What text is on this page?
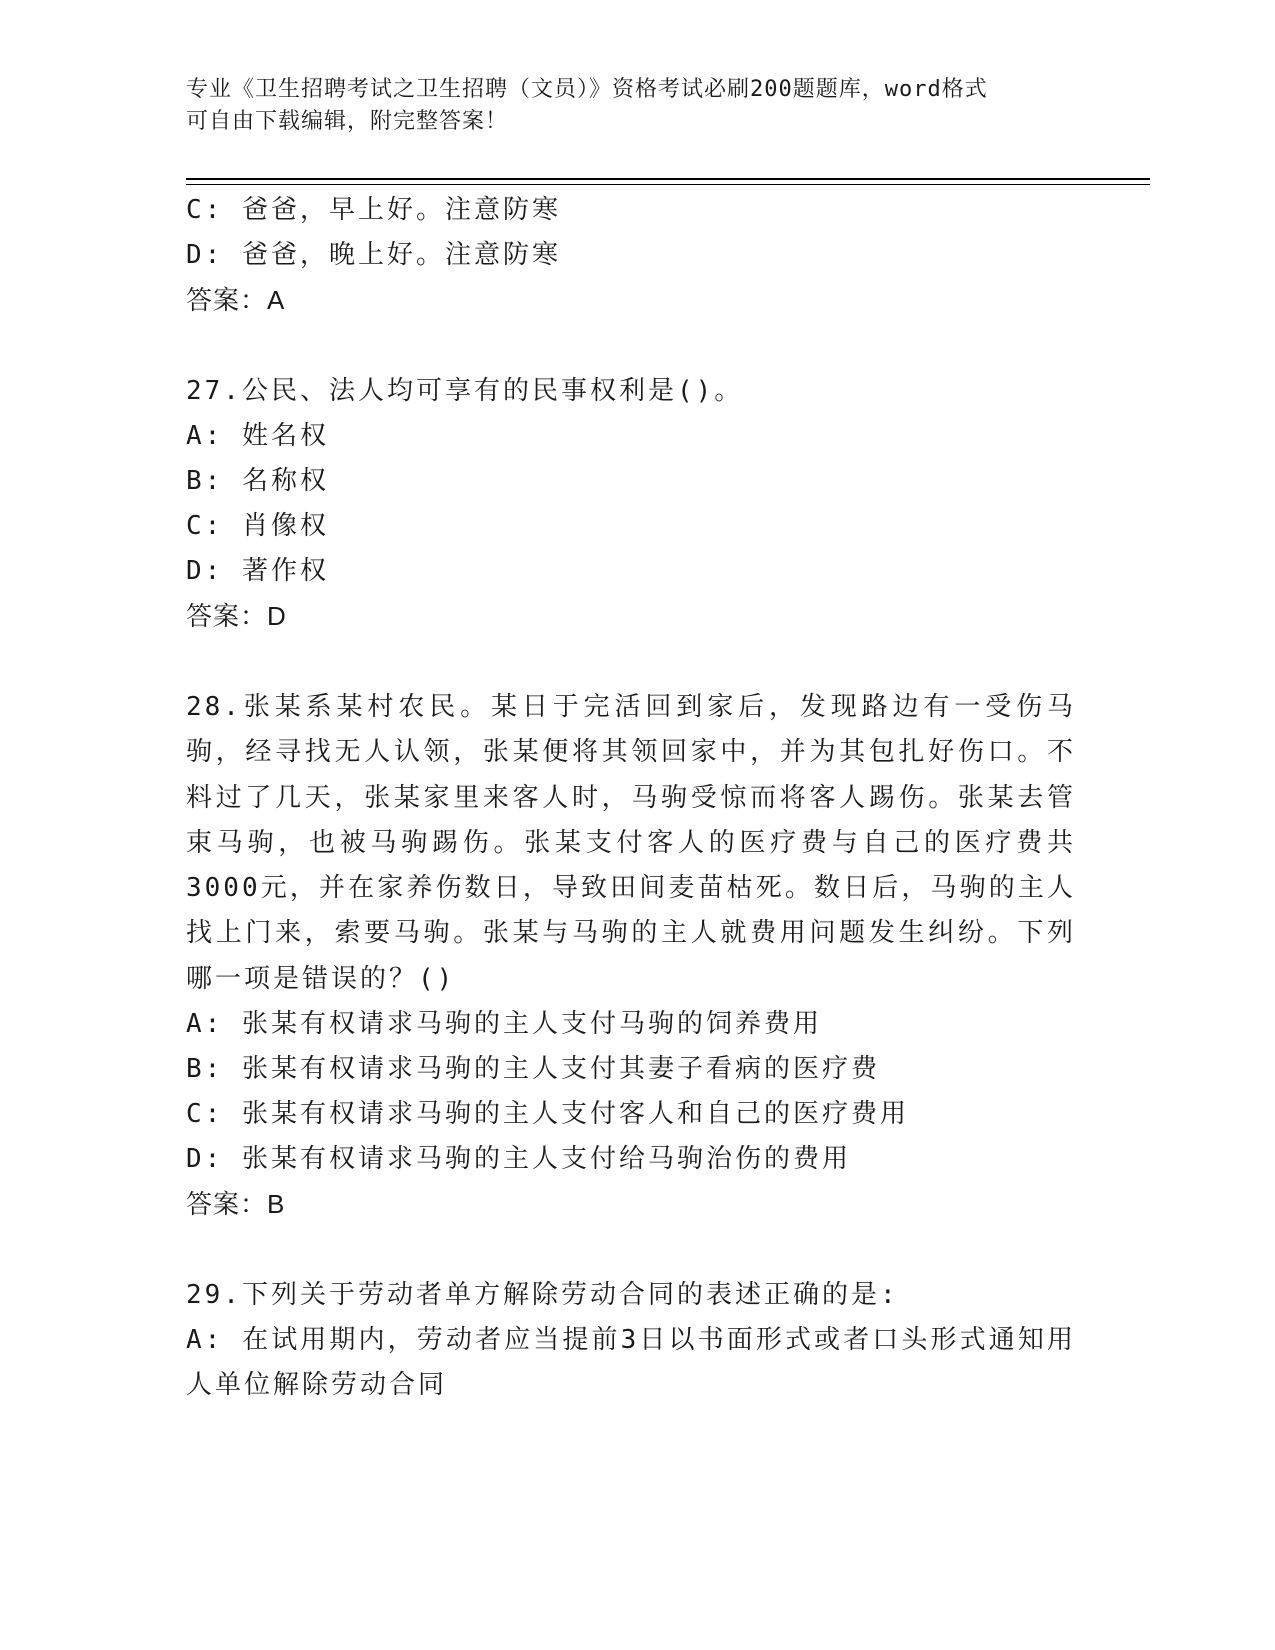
专业《卫生招聘考试之卫生招聘（文员）》资格考试必刷200题题库，word格式
可自由下载编辑，附完整答案！
C: 爸爸，早上好。注意防寒
D: 爸爸，晚上好。注意防寒
答案：A
27.公民、法人均可享有的民事权利是()。
A: 姓名权
B: 名称权
C: 肖像权
D: 著作权
答案：D
28.张某系某村农民。某日于完活回到家后，发现路边有一受伤马驹，经寻找无人认领，张某便将其领回家中，并为其包扎好伤口。不料过了几天，张某家里来客人时，马驹受惊而将客人踢伤。张某去管束马驹，也被马驹踢伤。张某支付客人的医疗费与自己的医疗费共3000元，并在家养伤数日，导致田间麦苗枯死。数日后，马驹的主人找上门来，索要马驹。张某与马驹的主人就费用问题发生纠纷。下列哪一项是错误的？()
A: 张某有权请求马驹的主人支付马驹的饲养费用
B: 张某有权请求马驹的主人支付其妻子看病的医疗费
C: 张某有权请求马驹的主人支付客人和自己的医疗费用
D: 张某有权请求马驹的主人支付给马驹治伤的费用
答案：B
29.下列关于劳动者单方解除劳动合同的表述正确的是:
A: 在试用期内，劳动者应当提前3日以书面形式或者口头形式通知用人单位解除劳动合同
